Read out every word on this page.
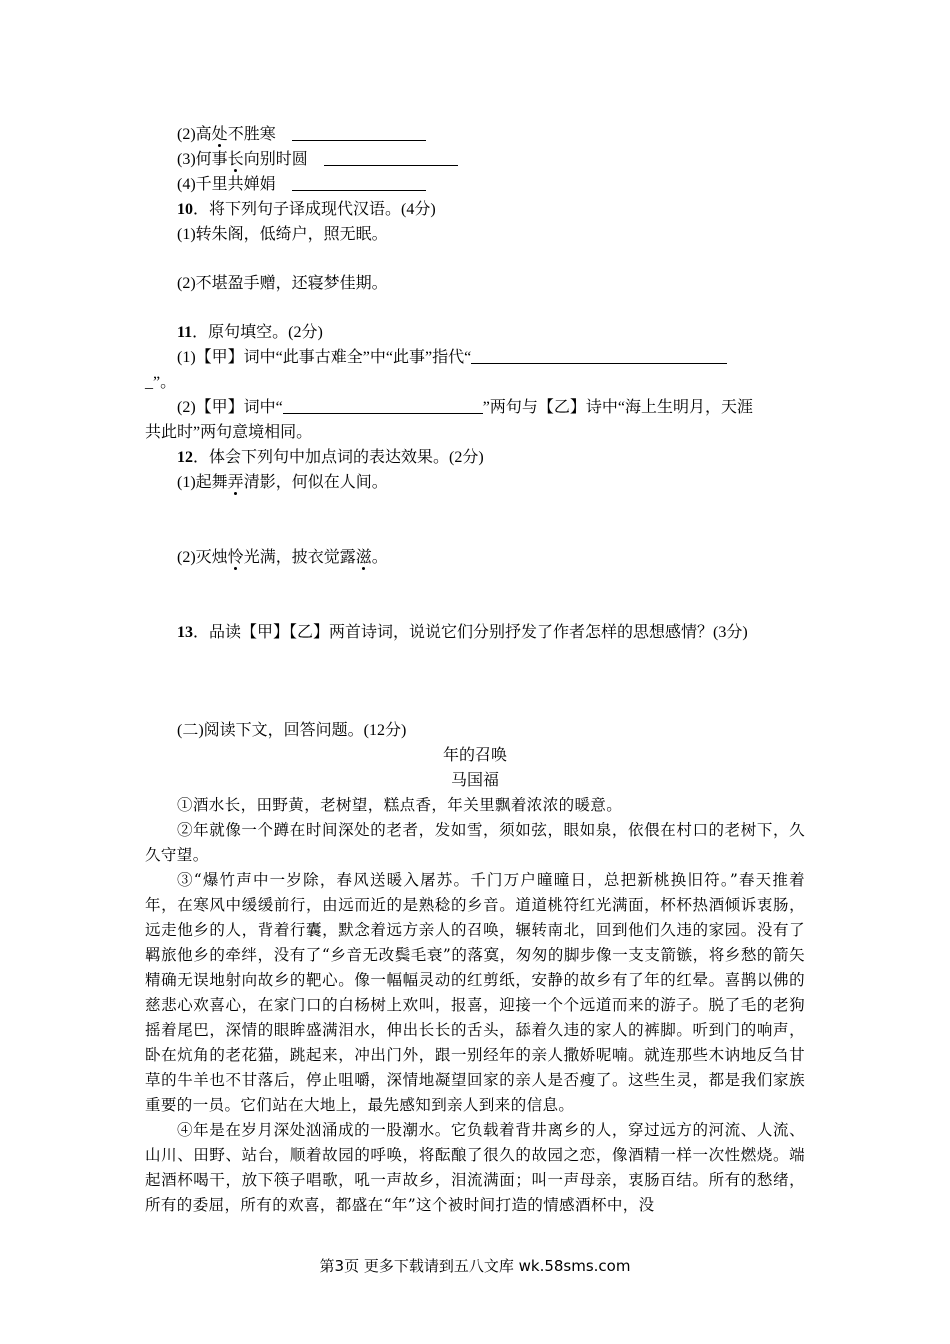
(2)高处不胜寒　
(3)何事长向别时圆　
(4)千里共婵娟　
10．将下列句子译成现代汉语。(4分)
(1)转朱阁，低绮户，照无眠。
(2)不堪盈手赠，还寝梦佳期。
11．原句填空。(2分)
(1)【甲】词中“此事古难全”中“此事”指代“
_”。
(2)【甲】词中“	”两句与【乙】诗中“海上生明月，天涯
共此时”两句意境相同。
12．体会下列句中加点词的表达效果。(2分)
(1)起舞弄清影，何似在人间。
(2)灭烛怜光满，披衣觉露滋。
13．品读【甲】【乙】两首诗词，说说它们分别抒发了作者怎样的思想感情？(3分)
(二)阅读下文，回答问题。(12分)
年的召唤
马国福

①酒水长，田野黄，老树望，糕点香，年关里飘着浓浓的暖意。

②年就像一个蹲在时间深处的老者，发如雪，须如弦，眼如泉，依偎在村口的老树下，久久守望。

③“爆竹声中一岁除，春风送暖入屠苏。千门万户曈曈日，总把新桃换旧符。”春天推着年，在寒风中缓缓前行，由远而近的是熟稔的乡音。道道桃符红光满面，杯杯热酒倾诉衷肠，远走他乡的人，背着行囊，默念着远方亲人的召唤，辗转南北，回到他们久违的家园。没有了羁旅他乡的牵绊，没有了“乡音无改鬓毛衰”的落寞，匆匆的脚步像一支支箭镞，将乡愁的箭矢精确无误地射向故乡的靶心。像一幅幅灵动的红剪纸，安静的故乡有了年的红晕。喜鹊以佛的慈悲心欢喜心，在家门口的白杨树上欢叫，报喜，迎接一个个远道而来的游子。脱了毛的老狗摇着尾巴，深情的眼眸盛满泪水，伸出长长的舌头，舔着久违的家人的裤脚。听到门的响声，卧在炕角的老花猫，跳起来，冲出门外，跟一别经年的亲人撒娇呢喃。就连那些木讷地反刍甘草的牛羊也不甘落后，停止咀嚼，深情地凝望回家的亲人是否瘦了。这些生灵，都是我们家族重要的一员。它们站在大地上，最先感知到亲人到来的信息。

④年是在岁月深处汹涌成的一股潮水。它负载着背井离乡的人，穿过远方的河流、人流、山川、田野、站台，顺着故园的呼唤，将酝酿了很久的故园之恋，像酒精一样一次性燃烧。端起酒杯喝干，放下筷子唱歌，吼一声故乡，泪流满面；叫一声母亲，衷肠百结。所有的愁绪，所有的委屈，所有的欢喜，都盛在“年”这个被时间打造的情感酒杯中，没

第3页 更多下载请到五八文库 wk.58sms.com
